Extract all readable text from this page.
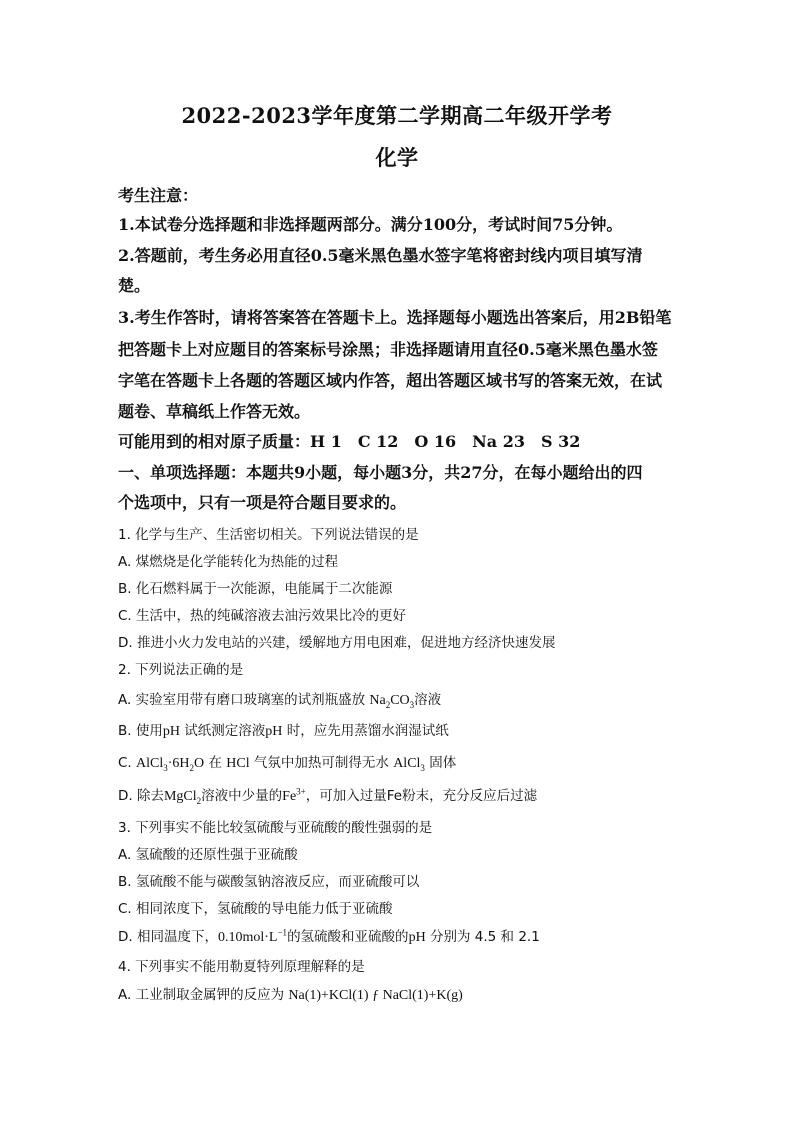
2022-2023学年度第二学期高二年级开学考
化学
考生注意：
1.本试卷分选择题和非选择题两部分。满分100分，考试时间75分钟。
2.答题前，考生务必用直径0.5毫米黑色墨水签字笔将密封线内项目填写清
楚。
3.考生作答时，请将答案答在答题卡上。选择题每小题选出答案后，用2B铅笔
把答题卡上对应题目的答案标号涂黑；非选择题请用直径0.5毫米黑色墨水签
字笔在答题卡上各题的答题区域内作答，超出答题区域书写的答案无效，在试
题卷、草稿纸上作答无效。
可能用到的相对原子质量：H 1　C 12　O 16　Na 23　S 32
一、单项选择题：本题共9小题，每小题3分，共27分，在每小题给出的四
个选项中，只有一项是符合题目要求的。
1. 化学与生产、生活密切相关。下列说法错误的是
A. 煤燃烧是化学能转化为热能的过程
B. 化石燃料属于一次能源，电能属于二次能源
C. 生活中，热的纯碱溶液去油污效果比冷的更好
D. 推进小火力发电站的兴建，缓解地方用电困难，促进地方经济快速发展
2. 下列说法正确的是
A. 实验室用带有磨口玻璃塞的试剂瓶盛放 $Na_2CO_3$溶液
B. 使用pH 试纸测定溶液pH 时，应先用蒸馏水润湿试纸
C. $AlCl_3\cdot 6H_2O$ 在 HCl 气氛中加热可制得无水 AlCl$_3$ 固体
D. 除去MgCl$_2$溶液中少量的$Fe^{3+}$，可加入过量Fe粉末，充分反应后过滤
3. 下列事实不能比较氢硫酸与亚硫酸的酸性强弱的是
A. 氢硫酸的还原性强于亚硫酸
B. 氢硫酸不能与碳酸氢钠溶液反应，而亚硫酸可以
C. 相同浓度下，氢硫酸的导电能力低于亚硫酸
D. 相同温度下，$0.10mol\cdot L^{-1}$的氢硫酸和亚硫酸的pH 分别为 4.5 和 2.1
4. 下列事实不能用勒夏特列原理解释的是
A. 工业制取金属钾的反应为 Na(1)+KCl(1) ƒ NaCl(1)+K(g)
